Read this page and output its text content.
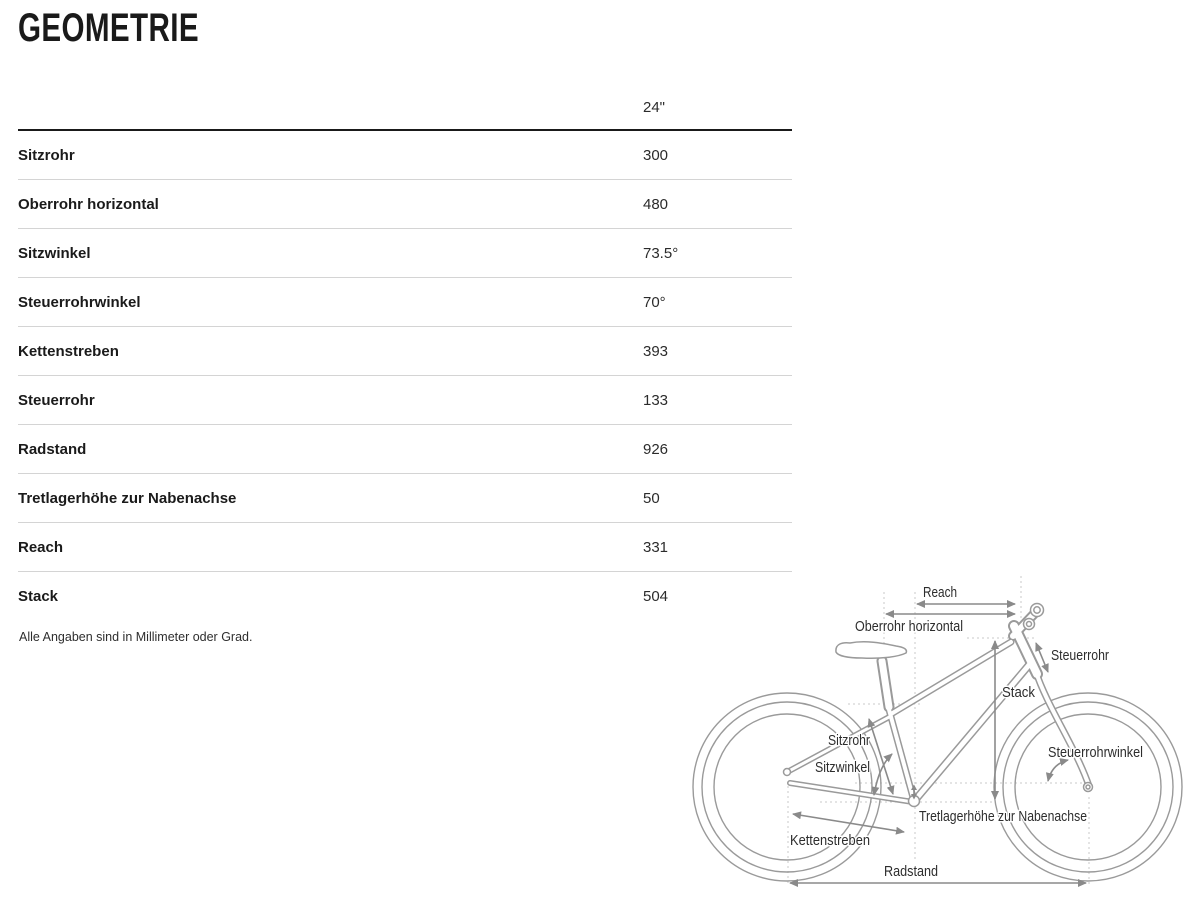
GEOMETRIE
24"
Sitzrohr	300
Oberrohr horizontal	480
Sitzwinkel	73.5°
Steuerrohrwinkel	70°
Kettenstreben	393
Steuerrohr	133
Radstand	926
Tretlagerhöhe zur Nabenachse	50
Reach	331
Stack	504
Alle Angaben sind in Millimeter oder Grad.
Reach
Oberrohr horizontal
Steuerrohr
Stack
Sitzrohr
Sitzwinkel
Steuerrohrwinkel
Tretlagerhöhe zur Nabenachse
Kettenstreben
Radstand
